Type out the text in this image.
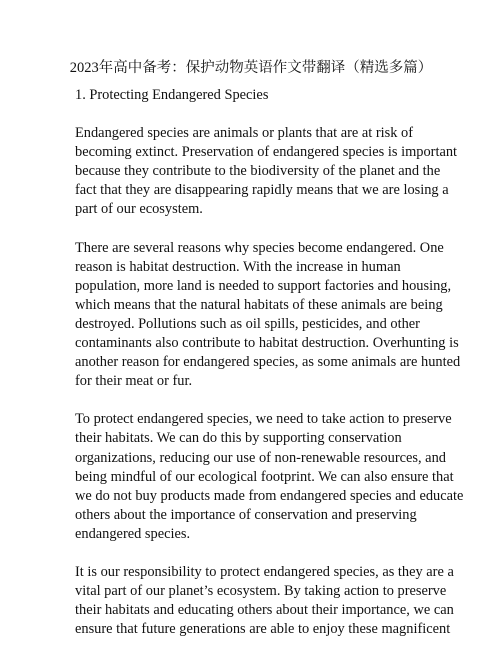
2023年高中备考：保护动物英语作文带翻译（精选多篇）
1. Protecting Endangered Species

Endangered species are animals or plants that are at risk of
becoming extinct. Preservation of endangered species is important
because they contribute to the biodiversity of the planet and the
fact that they are disappearing rapidly means that we are losing a
part of our ecosystem.

There are several reasons why species become endangered. One
reason is habitat destruction. With the increase in human
population, more land is needed to support factories and housing,
which means that the natural habitats of these animals are being
destroyed. Pollutions such as oil spills, pesticides, and other
contaminants also contribute to habitat destruction. Overhunting is
another reason for endangered species, as some animals are hunted
for their meat or fur.

To protect endangered species, we need to take action to preserve
their habitats. We can do this by supporting conservation
organizations, reducing our use of non-renewable resources, and
being mindful of our ecological footprint. We can also ensure that
we do not buy products made from endangered species and educate
others about the importance of conservation and preserving
endangered species.

It is our responsibility to protect endangered species, as they are a
vital part of our planet’s ecosystem. By taking action to preserve
their habitats and educating others about their importance, we can
ensure that future generations are able to enjoy these magnificent
